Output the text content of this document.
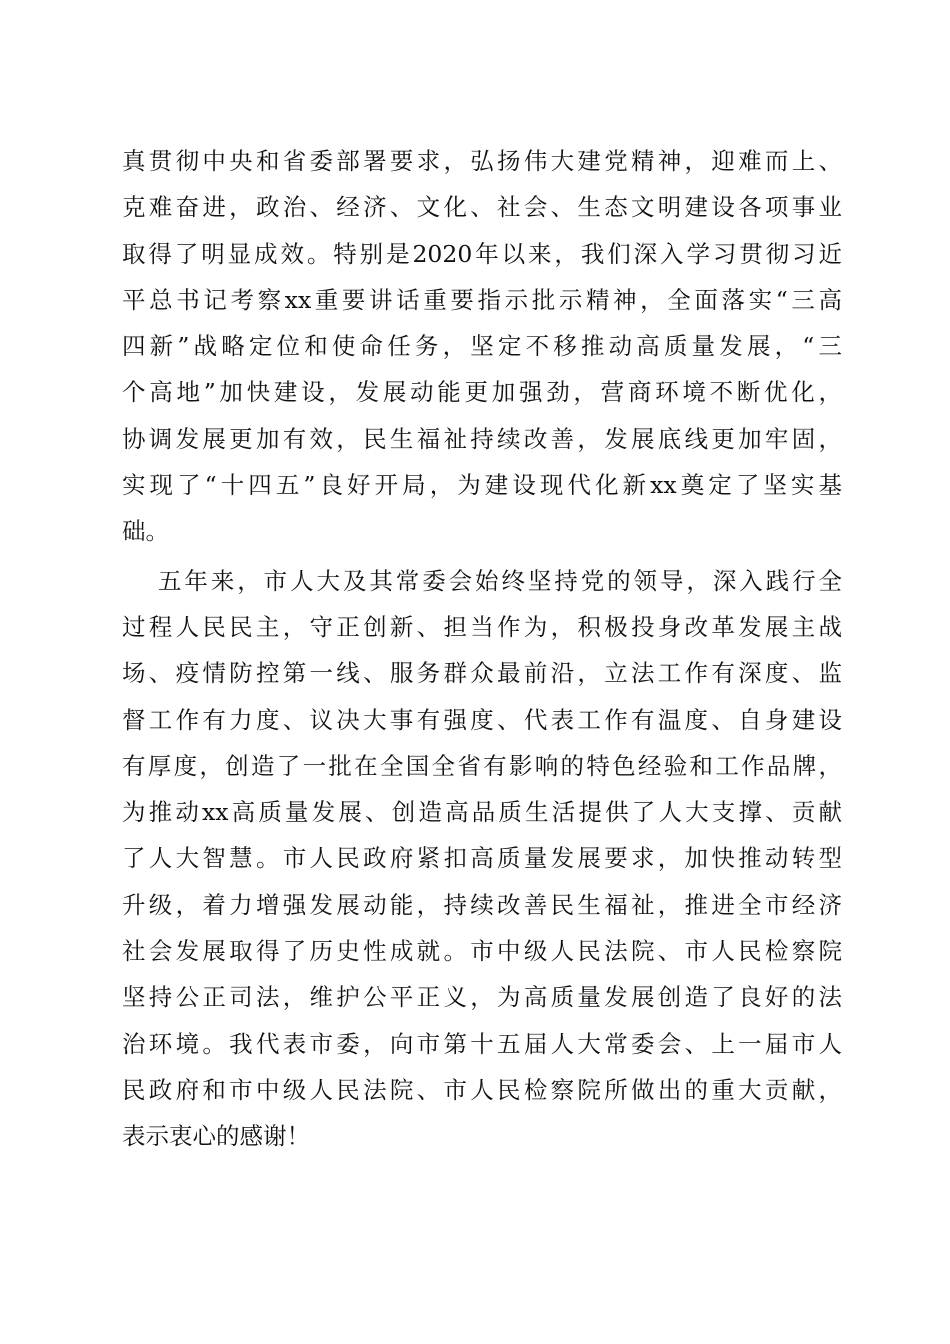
真贯彻中央和省委部署要求，弘扬伟大建党精神，迎难而上、
克难奋进，政治、经济、文化、社会、生态文明建设各项事业
取得了明显成效。特别是2020年以来，我们深入学习贯彻习近
平总书记考察xx重要讲话重要指示批示精神，全面落实“三高
四新”战略定位和使命任务，坚定不移推动高质量发展，“三
个高地”加快建设，发展动能更加强劲，营商环境不断优化，
协调发展更加有效，民生福祉持续改善，发展底线更加牢固，
实现了“十四五”良好开局，为建设现代化新xx奠定了坚实基
础。
五年来，市人大及其常委会始终坚持党的领导，深入践行全
过程人民民主，守正创新、担当作为，积极投身改革发展主战
场、疫情防控第一线、服务群众最前沿，立法工作有深度、监
督工作有力度、议决大事有强度、代表工作有温度、自身建设
有厚度，创造了一批在全国全省有影响的特色经验和工作品牌，
为推动xx高质量发展、创造高品质生活提供了人大支撑、贡献
了人大智慧。市人民政府紧扣高质量发展要求，加快推动转型
升级，着力增强发展动能，持续改善民生福祉，推进全市经济
社会发展取得了历史性成就。市中级人民法院、市人民检察院
坚持公正司法，维护公平正义，为高质量发展创造了良好的法
治环境。我代表市委，向市第十五届人大常委会、上一届市人
民政府和市中级人民法院、市人民检察院所做出的重大贡献，
表示衷心的感谢！
